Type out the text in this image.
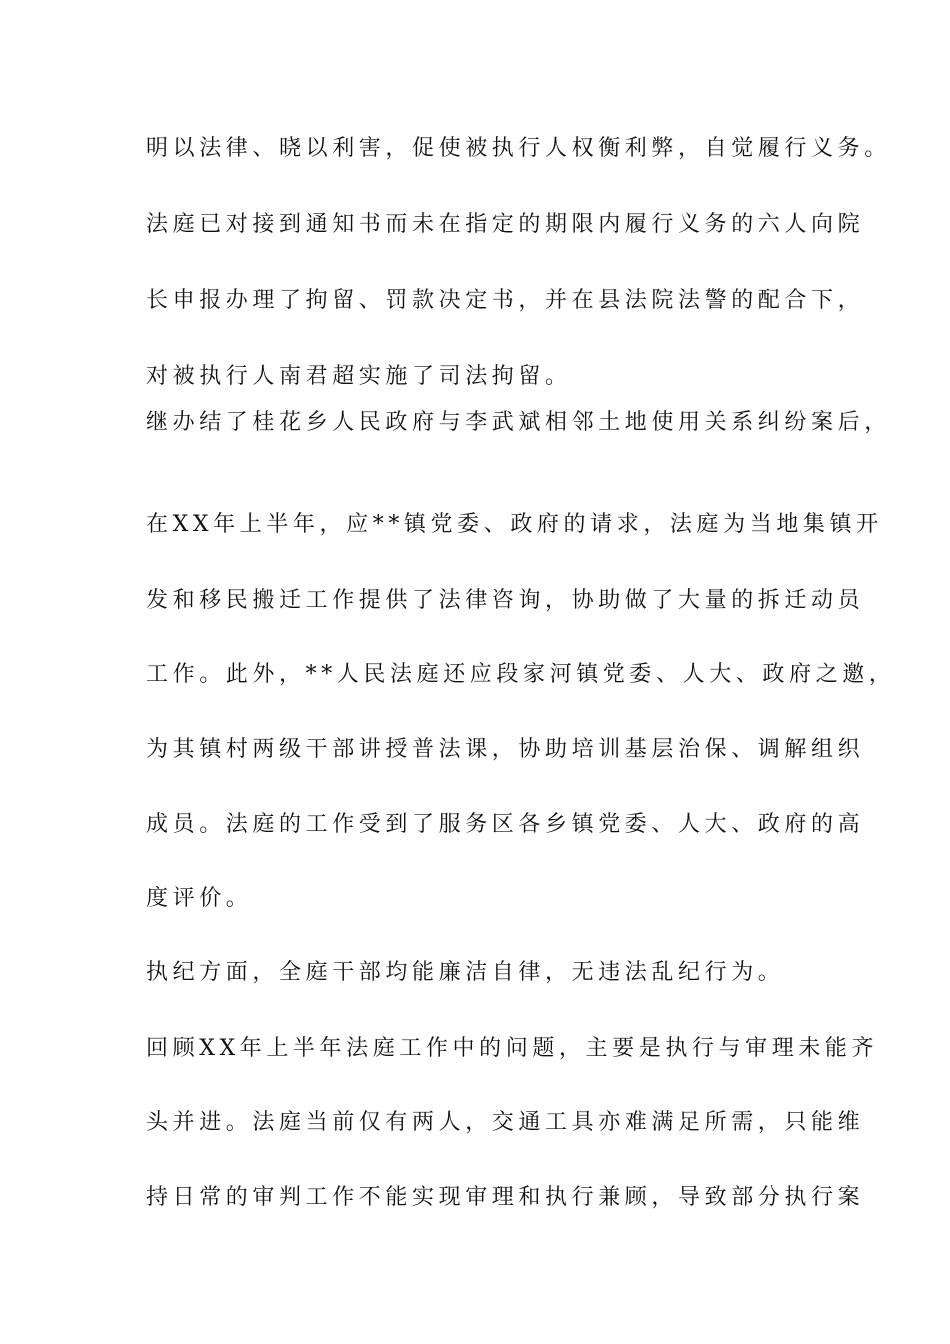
明以法律、晓以利害，促使被执行人权衡利弊，自觉履行义务。
法庭已对接到通知书而未在指定的期限内履行义务的六人向院
长申报办理了拘留、罚款决定书，并在县法院法警的配合下，
对被执行人南君超实施了司法拘留。
继办结了桂花乡人民政府与李武斌相邻土地使用关系纠纷案后，
在XX年上半年，应**镇党委、政府的请求，法庭为当地集镇开
发和移民搬迁工作提供了法律咨询，协助做了大量的拆迁动员
工作。此外，**人民法庭还应段家河镇党委、人大、政府之邀，
为其镇村两级干部讲授普法课，协助培训基层治保、调解组织
成员。法庭的工作受到了服务区各乡镇党委、人大、政府的高
度评价。
执纪方面，全庭干部均能廉洁自律，无违法乱纪行为。
回顾XX年上半年法庭工作中的问题，主要是执行与审理未能齐
头并进。法庭当前仅有两人，交通工具亦难满足所需，只能维
持日常的审判工作不能实现审理和执行兼顾，导致部分执行案
